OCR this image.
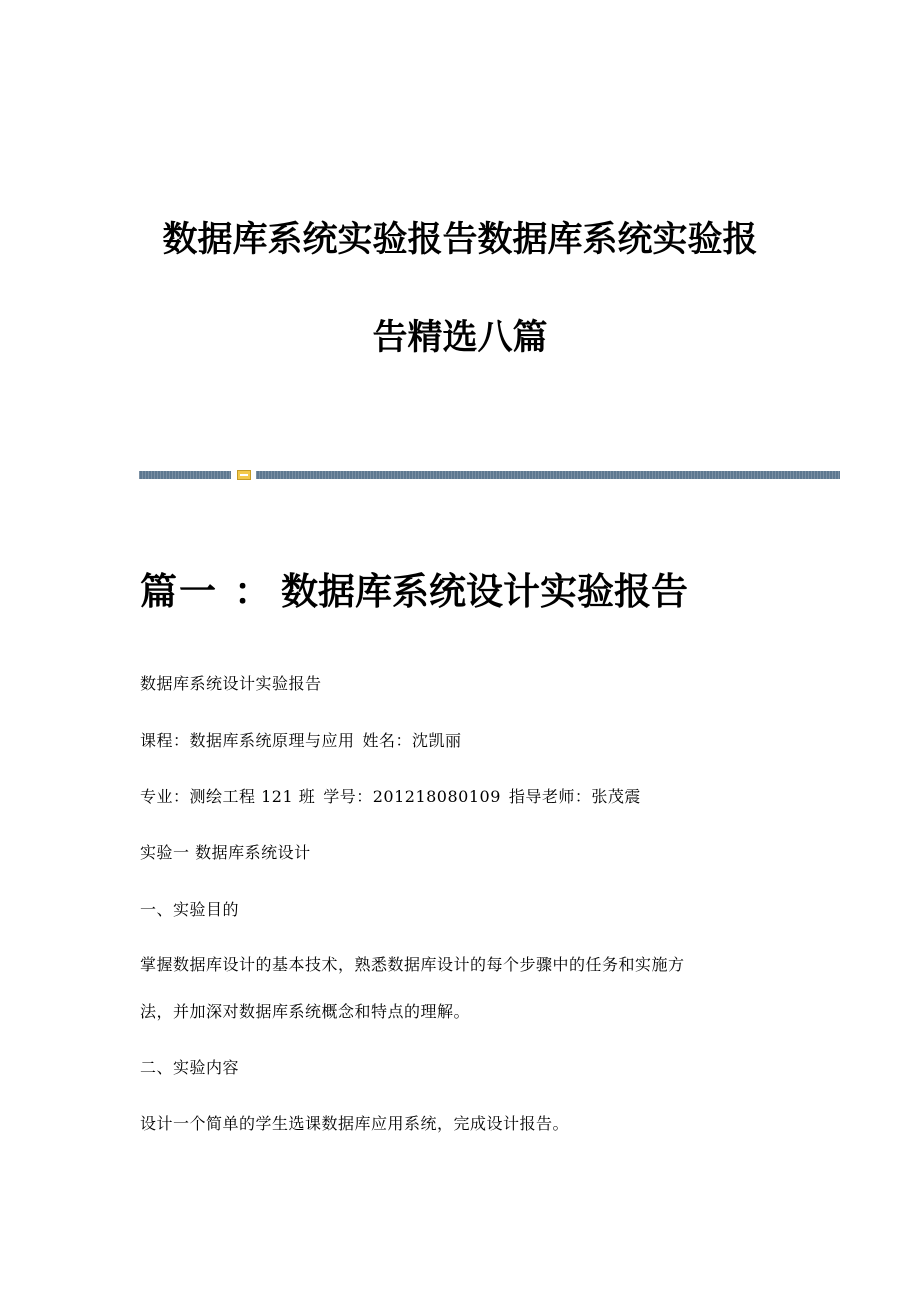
数据库系统实验报告数据库系统实验报
告精选八篇
篇一 ： 数据库系统设计实验报告

数据库系统设计实验报告

课程：数据库系统原理与应用 姓名：沈凯丽

专业：测绘工程 121 班 学号：201218080109 指导老师：张茂震

实验一 数据库系统设计

一、实验目的

掌握数据库设计的基本技术，熟悉数据库设计的每个步骤中的任务和实施方

法，并加深对数据库系统概念和特点的理解。

二、实验内容

设计一个简单的学生选课数据库应用系统，完成设计报告。
